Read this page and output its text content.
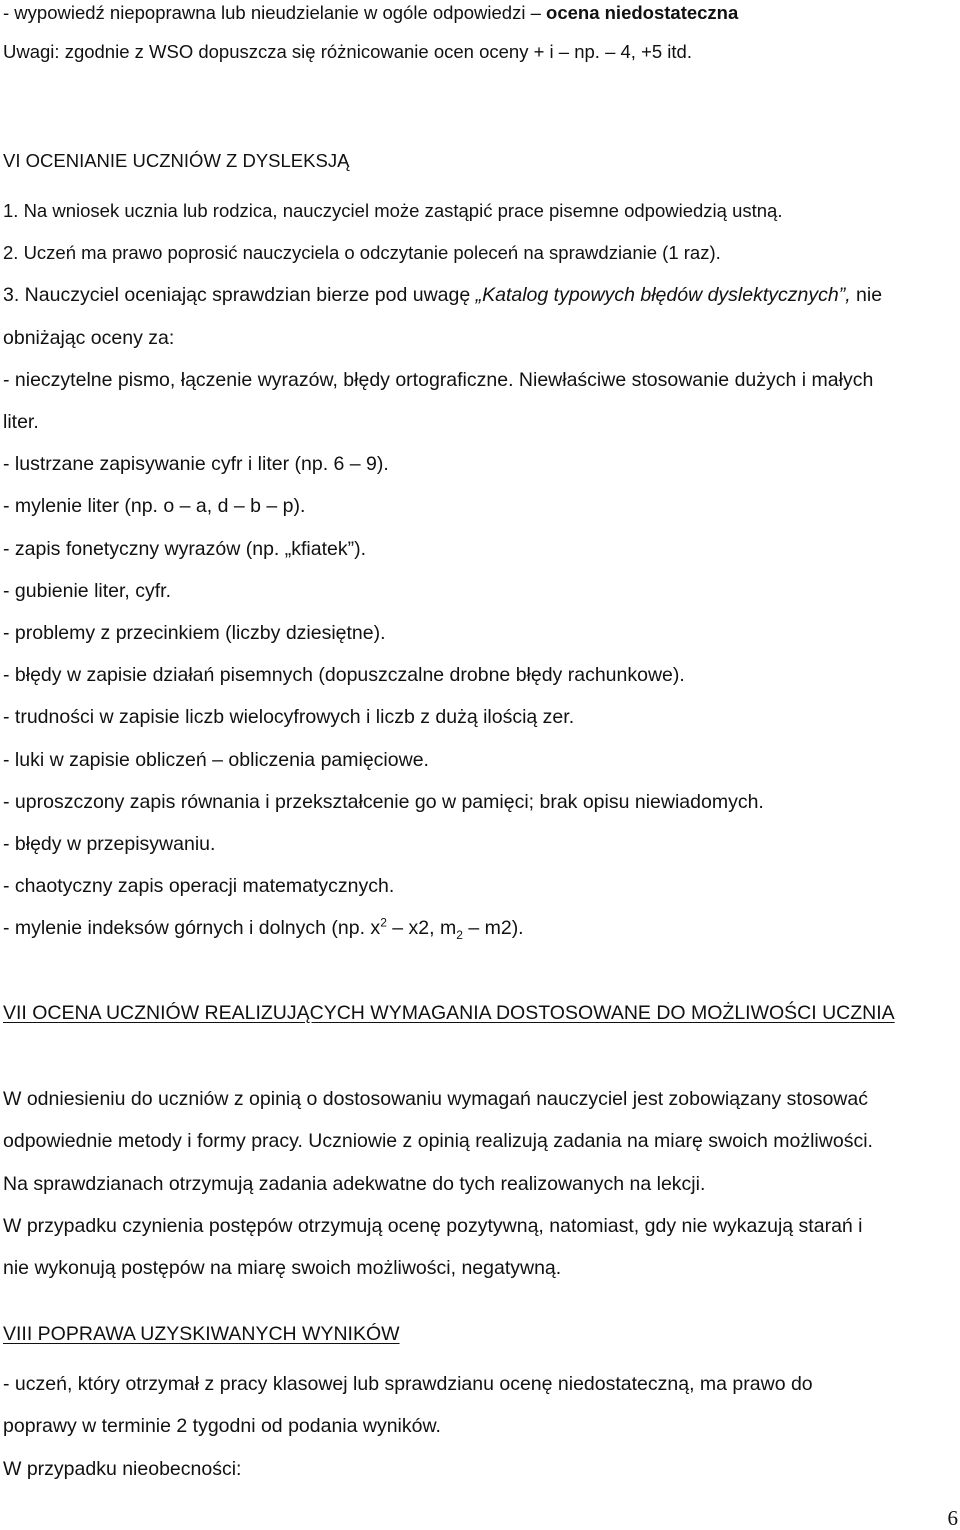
- wypowiedź niepoprawna lub nieudzielanie w ogóle odpowiedzi – ocena niedostateczna
Uwagi: zgodnie z WSO dopuszcza się różnicowanie ocen oceny + i – np. – 4, +5 itd.
VI OCENIANIE UCZNIÓW Z DYSLEKSJĄ
1. Na wniosek ucznia lub rodzica, nauczyciel może zastąpić prace pisemne odpowiedzią ustną.
2. Uczeń ma prawo poprosić nauczyciela o odczytanie poleceń na sprawdzianie (1 raz).
3. Nauczyciel oceniając sprawdzian bierze pod uwagę „Katalog typowych błędów dyslektycznych”, nie
obniżając oceny za:
- nieczytelne pismo, łączenie wyrazów, błędy ortograficzne. Niewłaściwe stosowanie dużych i małych
liter.
- lustrzane zapisywanie cyfr i liter (np. 6 – 9).
- mylenie liter (np. o – a, d – b – p).
- zapis fonetyczny wyrazów (np. „kfiatek”).
- gubienie liter, cyfr.
- problemy z przecinkiem (liczby dziesiętne).
- błędy w zapisie działań pisemnych (dopuszczalne drobne błędy rachunkowe).
- trudności w zapisie liczb wielocyfrowych i liczb z dużą ilością zer.
- luki w zapisie obliczeń – obliczenia pamięciowe.
- uproszczony zapis równania i przekształcenie go w pamięci; brak opisu niewiadomych.
- błędy w przepisywaniu.
- chaotyczny zapis operacji matematycznych.
- mylenie indeksów górnych i dolnych (np. $x^2 - x2$, $m_2 - m2$).
VII OCENA UCZNIÓW REALIZUJĄCYCH WYMAGANIA DOSTOSOWANE DO MOŻLIWOŚCI UCZNIA
W odniesieniu do uczniów z opinią o dostosowaniu wymagań nauczyciel jest zobowiązany stosować
odpowiednie metody i formy pracy. Uczniowie z opinią realizują zadania na miarę swoich możliwości.
Na sprawdzianach otrzymują zadania adekwatne do tych realizowanych na lekcji.
W przypadku czynienia postępów otrzymują ocenę pozytywną, natomiast, gdy nie wykazują starań i
nie wykonują postępów na miarę swoich możliwości, negatywną.
VIII POPRAWA UZYSKIWANYCH WYNIKÓW
- uczeń, który otrzymał z pracy klasowej lub sprawdzianu ocenę niedostateczną, ma prawo do
poprawy w terminie 2 tygodni od podania wyników.
W przypadku nieobecności:
6
